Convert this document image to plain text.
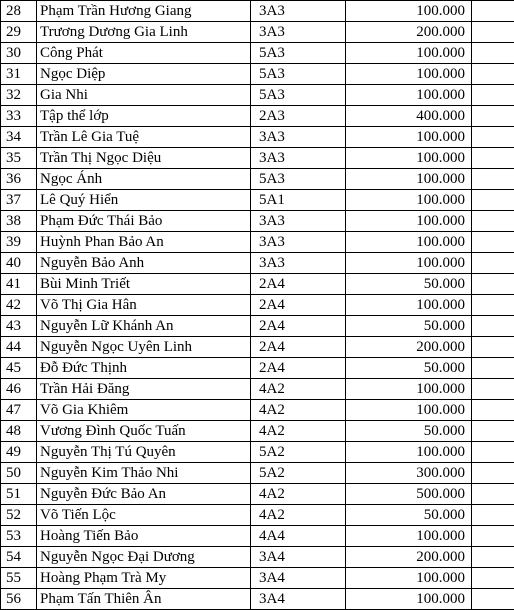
28	Phạm Trần Hương Giang	3A3	100.000	
29	Trương Dương Gia Linh	3A3	200.000	
30	Công Phát	5A3	100.000	
31	Ngọc Diệp	5A3	100.000	
32	Gia Nhi	5A3	100.000	
33	Tập thể lớp	2A3	400.000	
34	Trần Lê Gia Tuệ	3A3	100.000	
35	Trần Thị Ngọc Diệu	3A3	100.000	
36	Ngọc Ánh	5A3	100.000	
37	Lê Quý Hiển	5A1	100.000	
38	Phạm Đức Thái Bảo	3A3	100.000	
39	Huỳnh Phan Bảo An	3A3	100.000	
40	Nguyễn Bảo Anh	3A3	100.000	
41	Bùi Minh Triết	2A4	50.000	
42	Võ Thị Gia Hân	2A4	100.000	
43	Nguyễn Lữ Khánh An	2A4	50.000	
44	Nguyễn Ngọc Uyên Linh	2A4	200.000	
45	Đỗ Đức Thịnh	2A4	50.000	
46	Trần Hải Đăng	4A2	100.000	
47	Võ Gia Khiêm	4A2	100.000	
48	Vương Đình Quốc Tuấn	4A2	50.000	
49	Nguyễn Thị Tú Quyên	5A2	100.000	
50	Nguyễn Kim Thảo Nhi	5A2	300.000	
51	Nguyễn Đức Bảo An	4A2	500.000	
52	Võ Tiến Lộc	4A2	50.000	
53	Hoàng Tiến Bảo	4A4	100.000	
54	Nguyễn Ngọc Đại Dương	3A4	200.000	
55	Hoàng Phạm Trà My	3A4	100.000	
56	Phạm Tấn Thiên Ân	3A4	100.000	
